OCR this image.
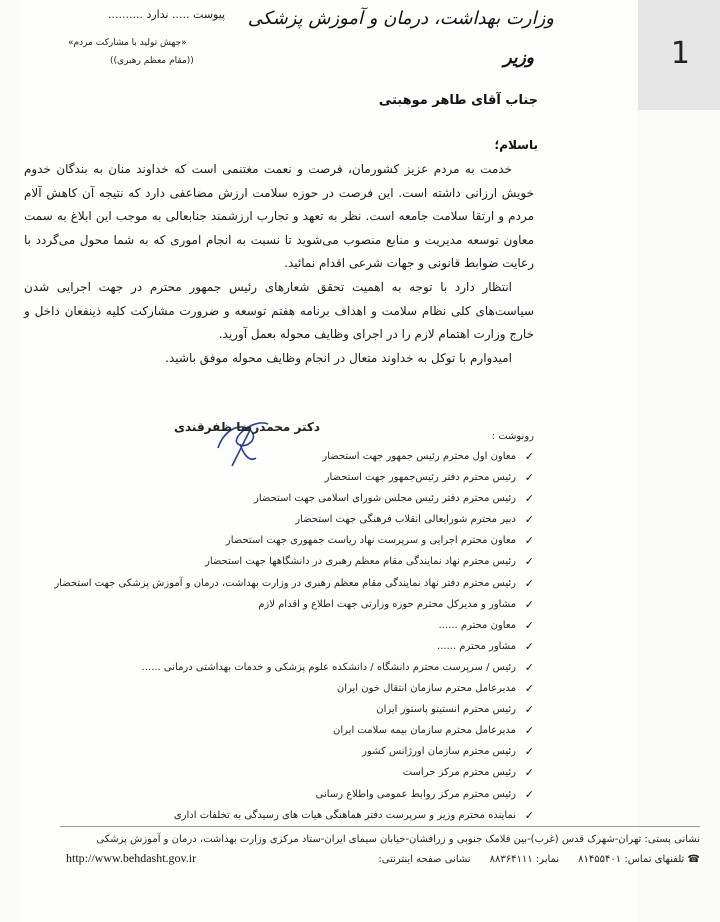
1
وزارت بهداشت، درمان و آموزش پزشکی
وزیر
پیوست ..... ندارد ..........
«جهش تولید با مشارکت مردم»
((مقام معظم رهبری))
جناب آقای طاهر موهبتی
باسلام؛

خدمت به مردم عزیز کشورمان، فرصت و نعمت مغتنمی است که خداوند منان به بندگان خدوم خویش ارزانی داشته است. این فرصت در حوزه سلامت ارزش مضاعفی دارد که نتیجه آن کاهش آلام مردم و ارتقا سلامت جامعه است. نظر به تعهد و تجارب ارزشمند جنابعالی به موجب این ابلاغ به سمت معاون توسعه مدیریت و منابع منصوب می‌شوید تا نسبت به انجام اموری که به شما محول می‌گردد با رعایت ضوابط قانونی و جهات شرعی اقدام نمائید.

انتظار دارد با توجه به اهمیت تحقق شعارهای رئیس جمهور محترم در جهت اجرایی شدن سیاست‌های کلی نظام سلامت و اهداف برنامه هفتم توسعه و ضرورت مشارکت کلیه ذینفعان داخل و خارج وزارت اهتمام لازم را در اجرای وظایف محوله بعمل آورید.

امیدوارم با توکل به خداوند متعال در انجام وظایف محوله موفق باشید.

دکتر محمدرضا ظفرقندی
رونوشت :
✓
معاون اول محترم رئیس جمهور جهت استحضار
✓
رئیس محترم دفتر رئیس‌جمهور جهت استحضار
✓
رئیس محترم دفتر رئیس مجلس شورای اسلامی جهت استحضار
✓
دبیر محترم شورایعالی انقلاب فرهنگی جهت استحضار
✓
معاون محترم اجرایی و سرپرست نهاد ریاست جمهوری جهت استحضار
✓
رئیس محترم نهاد نمایندگی مقام معظم رهبری در دانشگاهها جهت استحضار
✓
رئیس محترم دفتر نهاد نمایندگی مقام معظم رهبری در وزارت بهداشت، درمان و آموزش پزشکی جهت استحضار
✓
مشاور و مدیرکل محترم حوزه وزارتی جهت اطلاع و اقدام لازم
✓
معاون محترم ......
✓
مشاور محترم ......
✓
رئیس / سرپرست محترم دانشگاه / دانشکده علوم پزشکی و خدمات بهداشتی درمانی ......
✓
مدیرعامل محترم سازمان انتقال خون ایران
✓
رئیس محترم انستیتو پاستور ایران
✓
مدیرعامل محترم سازمان بیمه سلامت ایران
✓
رئیس محترم سازمان اورژانس کشور
✓
رئیس محترم مرکز حراست
✓
رئیس محترم مرکز روابط عمومی واطلاع رسانی
✓
نماینده محترم وزیر و سرپرست دفتر هماهنگی هیات های رسیدگی به تخلفات اداری
نشانی پستی: تهران-شهرک قدس (غرب)-بین فلامک جنوبی و زرافشان-خیابان سیمای ایران-ستاد مرکزی وزارت بهداشت، درمان و آموزش پزشکی
☎ تلفنهای تماس: ۸۱۴۵۵۴۰۱      نمابر: ۸۸۳۶۴۱۱۱      نشانی صفحه اینترنتی:
http://www.behdasht.gov.ir
